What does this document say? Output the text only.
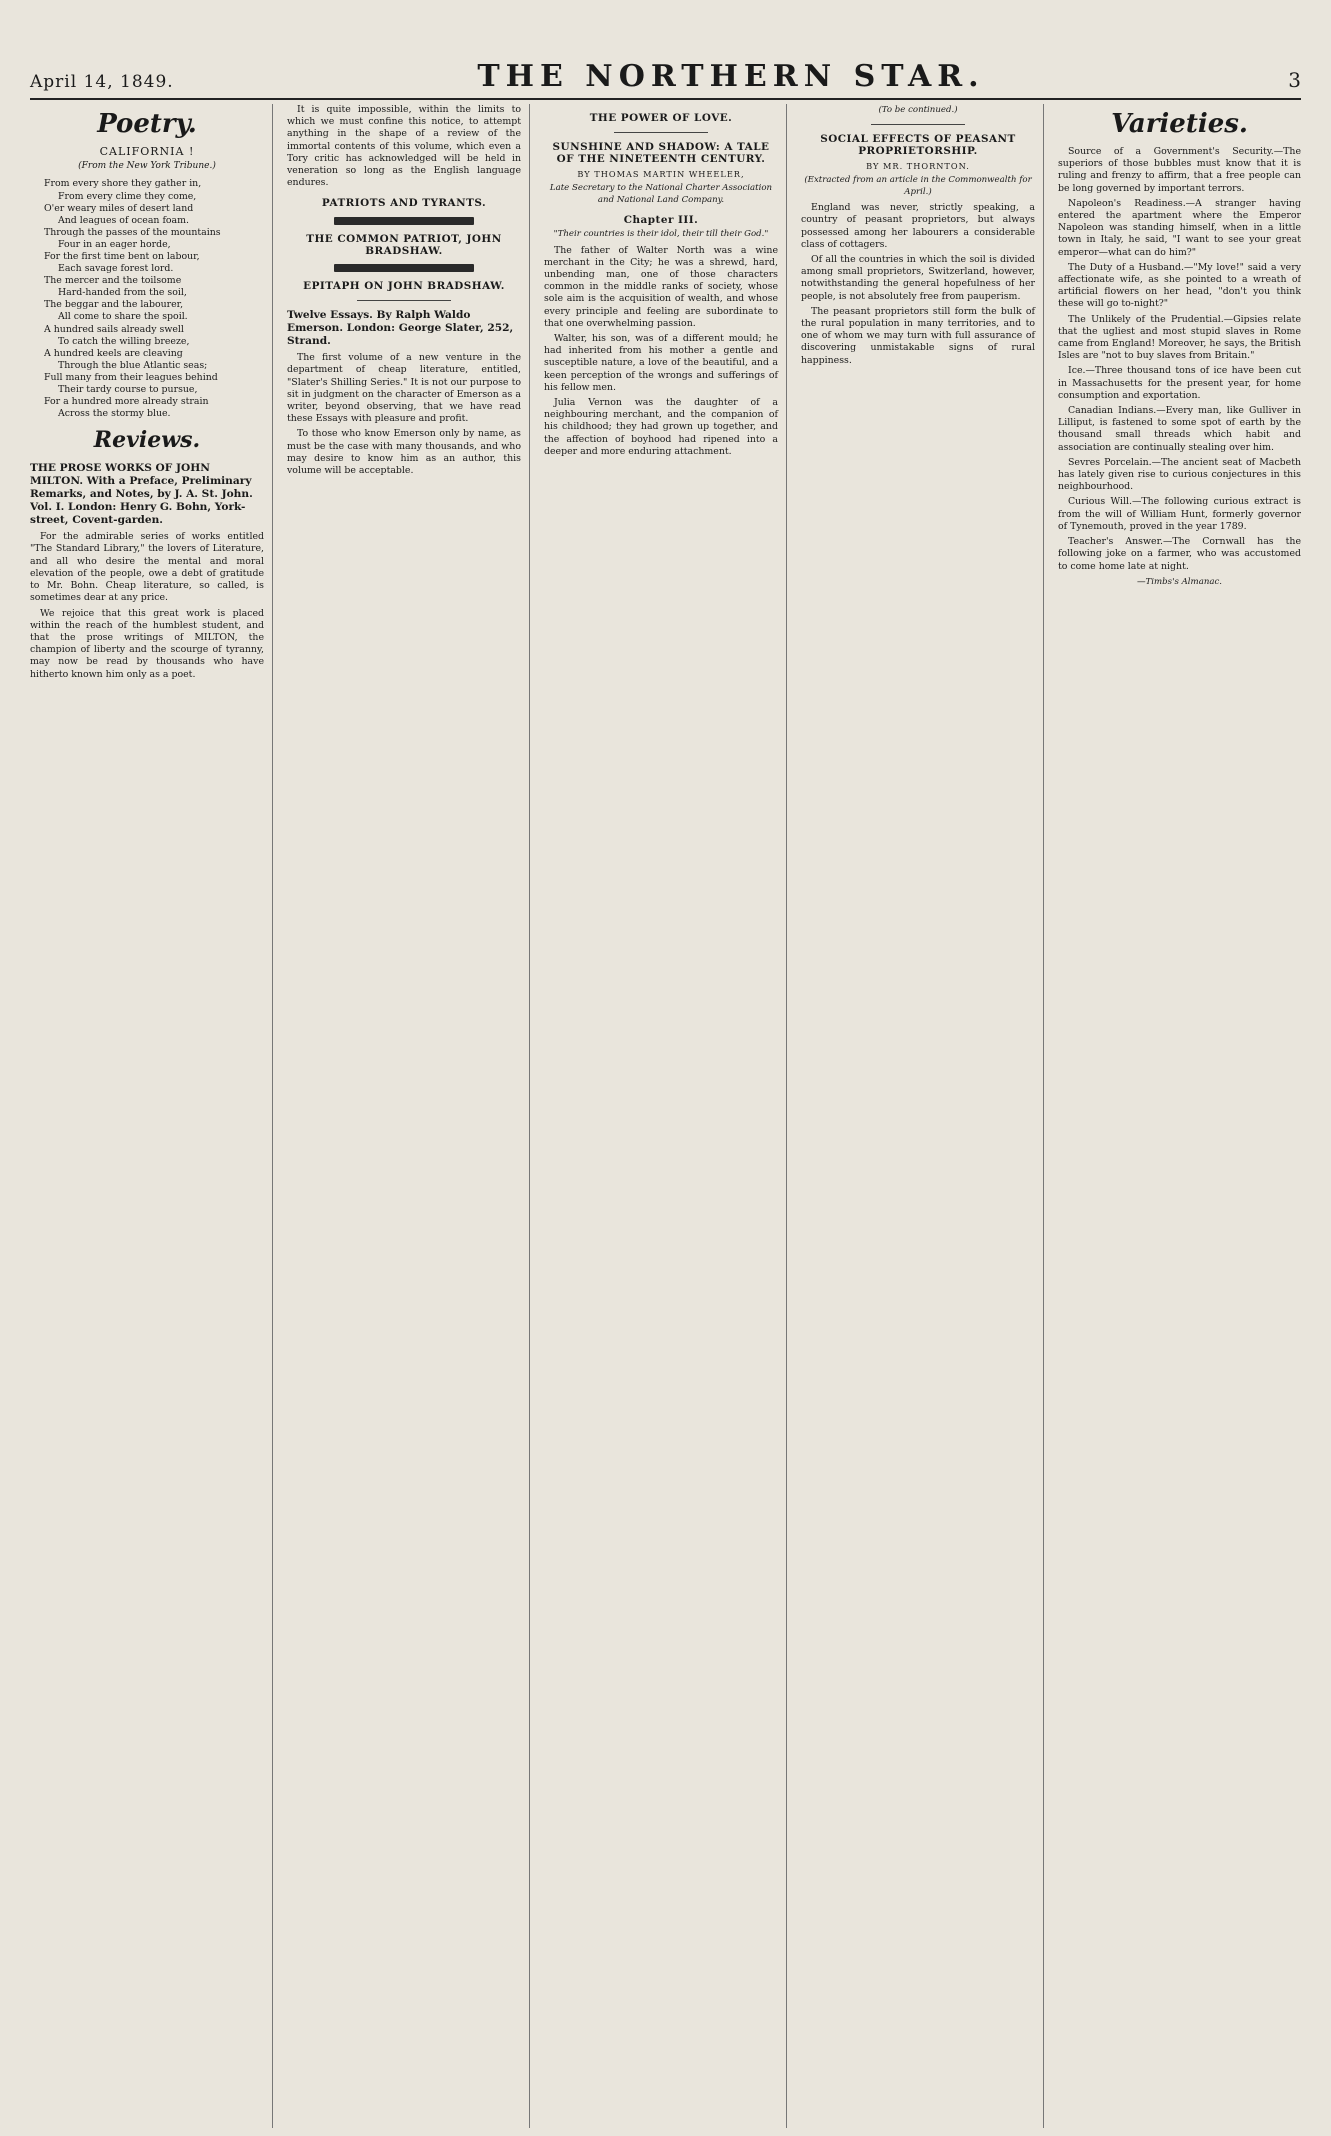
April 14, 1849.	THE NORTHERN STAR.	3
Poetry.
CALIFORNIA !
(From the New York Tribune.)
From every shore they gather in,
From every clime they come,
O'er weary miles of desert land
And leagues of ocean foam.
Through the passes of the mountains
Four in an eager horde,
For the first time bent on labour,
Each savage forest lord.
The mercer and the toilsome
Hard-handed from the soil,
The beggar and the labourer,
All come to share the spoil.
A hundred sails already swell
To catch the willing breeze,
A hundred keels are cleaving
Through the blue Atlantic seas;
Full many from their leagues behind
Their tardy course to pursue,
For a hundred more already strain
Across the stormy blue.
Reviews.
THE PROSE WORKS OF JOHN MILTON. With a Preface, Preliminary Remarks, and Notes, by J. A. St. John. Vol. I. London: Henry G. Bohn, York-street, Covent-garden.

For the admirable series of works entitled "The Standard Library," the lovers of Literature, and all who desire the mental and moral elevation of the people, owe a debt of gratitude to Mr. Bohn. Cheap literature, so called, is sometimes dear at any price.

We rejoice that this great work is placed within the reach of the humblest student, and that the prose writings of MILTON, the champion of liberty and the scourge of tyranny, may now be read by thousands who have hitherto known him only as a poet.

It is quite impossible, within the limits to which we must confine this notice, to attempt anything in the shape of a review of the immortal contents of this volume, which even a Tory critic has acknowledged will be held in veneration so long as the English language endures.

PATRIOTS AND TYRANTS.
THE COMMON PATRIOT, JOHN BRADSHAW.
EPITAPH ON JOHN BRADSHAW.
Twelve Essays. By Ralph Waldo Emerson. London: George Slater, 252, Strand.

The first volume of a new venture in the department of cheap literature, entitled, "Slater's Shilling Series." It is not our purpose to sit in judgment on the character of Emerson as a writer, beyond observing, that we have read these Essays with pleasure and profit.

To those who know Emerson only by name, as must be the case with many thousands, and who may desire to know him as an author, this volume will be acceptable.

THE POWER OF LOVE.
SUNSHINE AND SHADOW: A TALE OF THE NINETEENTH CENTURY.
BY THOMAS MARTIN WHEELER,
Late Secretary to the National Charter Association and National Land Company.
Chapter III.
"Their countries is their idol, their till their God."

The father of Walter North was a wine merchant in the City; he was a shrewd, hard, unbending man, one of those characters common in the middle ranks of society, whose sole aim is the acquisition of wealth, and whose every principle and feeling are subordinate to that one overwhelming passion.

Walter, his son, was of a different mould; he had inherited from his mother a gentle and susceptible nature, a love of the beautiful, and a keen perception of the wrongs and sufferings of his fellow men.

Julia Vernon was the daughter of a neighbouring merchant, and the companion of his childhood; they had grown up together, and the affection of boyhood had ripened into a deeper and more enduring attachment.

(To be continued.)
SOCIAL EFFECTS OF PEASANT PROPRIETORSHIP.
BY MR. THORNTON.
(Extracted from an article in the Commonwealth for April.)

England was never, strictly speaking, a country of peasant proprietors, but always possessed among her labourers a considerable class of cottagers.

Of all the countries in which the soil is divided among small proprietors, Switzerland, however, notwithstanding the general hopefulness of her people, is not absolutely free from pauperism.

The peasant proprietors still form the bulk of the rural population in many territories, and to one of whom we may turn with full assurance of discovering unmistakable signs of rural happiness.

Varieties.

Source of a Government's Security.—The superiors of those bubbles must know that it is ruling and frenzy to affirm, that a free people can be long governed by important terrors.

Napoleon's Readiness.—A stranger having entered the apartment where the Emperor Napoleon was standing himself, when in a little town in Italy, he said, "I want to see your great emperor—what can do him?"

The Duty of a Husband.—"My love!" said a very affectionate wife, as she pointed to a wreath of artificial flowers on her head, "don't you think these will go to-night?"

The Unlikely of the Prudential.—Gipsies relate that the ugliest and most stupid slaves in Rome came from England! Moreover, he says, the British Isles are "not to buy slaves from Britain."

Ice.—Three thousand tons of ice have been cut in Massachusetts for the present year, for home consumption and exportation.

Canadian Indians.—Every man, like Gulliver in Lilliput, is fastened to some spot of earth by the thousand small threads which habit and association are continually stealing over him.

Sevres Porcelain.—The ancient seat of Macbeth has lately given rise to curious conjectures in this neighbourhood.

Curious Will.—The following curious extract is from the will of William Hunt, formerly governor of Tynemouth, proved in the year 1789.

Teacher's Answer.—The Cornwall has the following joke on a farmer, who was accustomed to come home late at night.

—Timbs's Almanac.
